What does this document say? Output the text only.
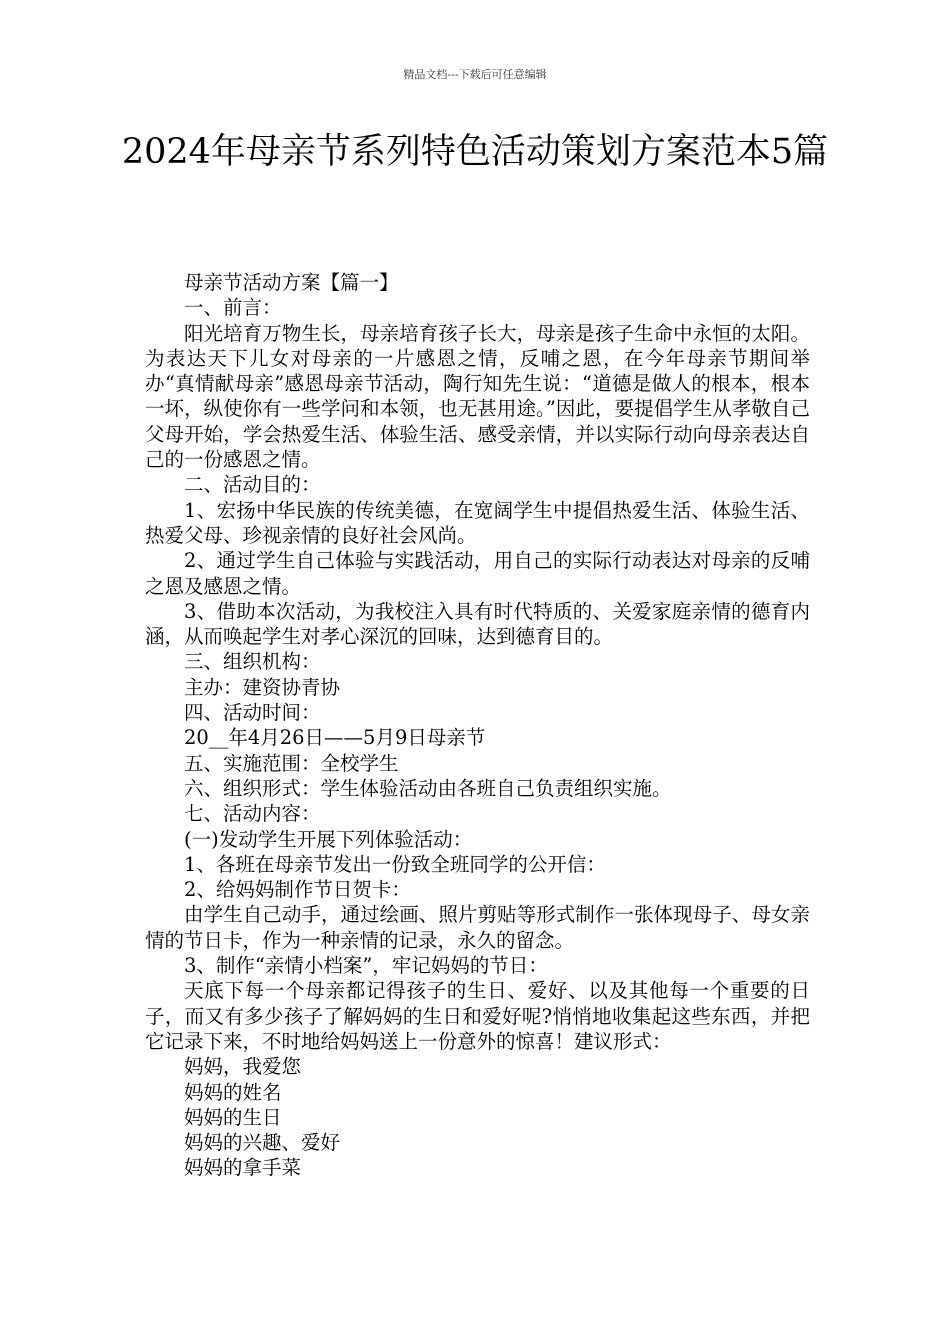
精品文档---下载后可任意编辑
2024年母亲节系列特色活动策划方案范本5篇

母亲节活动方案【篇一】

一、前言：

阳光培育万物生长，母亲培育孩子长大，母亲是孩子生命中永恒的太阳。为表达天下儿女对母亲的一片感恩之情，反哺之恩，在今年母亲节期间举办“真情献母亲”感恩母亲节活动，陶行知先生说：“道德是做人的根本，根本一坏，纵使你有一些学问和本领，也无甚用途。”因此，要提倡学生从孝敬自己父母开始，学会热爱生活、体验生活、感受亲情，并以实际行动向母亲表达自己的一份感恩之情。

二、活动目的：

1、宏扬中华民族的传统美德，在宽阔学生中提倡热爱生活、体验生活、热爱父母、珍视亲情的良好社会风尚。

2、通过学生自己体验与实践活动，用自己的实际行动表达对母亲的反哺之恩及感恩之情。

3、借助本次活动，为我校注入具有时代特质的、关爱家庭亲情的德育内涵，从而唤起学生对孝心深沉的回味，达到德育目的。

三、组织机构：

主办：建资协青协

四、活动时间：

20__年4月26日——5月9日母亲节

五、实施范围：全校学生

六、组织形式：学生体验活动由各班自己负责组织实施。

七、活动内容：

(一)发动学生开展下列体验活动：

1、各班在母亲节发出一份致全班同学的公开信：

2、给妈妈制作节日贺卡：

由学生自己动手，通过绘画、照片剪贴等形式制作一张体现母子、母女亲情的节日卡，作为一种亲情的记录，永久的留念。

3、制作“亲情小档案”，牢记妈妈的节日：

天底下每一个母亲都记得孩子的生日、爱好、以及其他每一个重要的日子，而又有多少孩子了解妈妈的生日和爱好呢?悄悄地收集起这些东西，并把它记录下来，不时地给妈妈送上一份意外的惊喜！建议形式：

妈妈，我爱您

妈妈的姓名

妈妈的生日

妈妈的兴趣、爱好

妈妈的拿手菜
